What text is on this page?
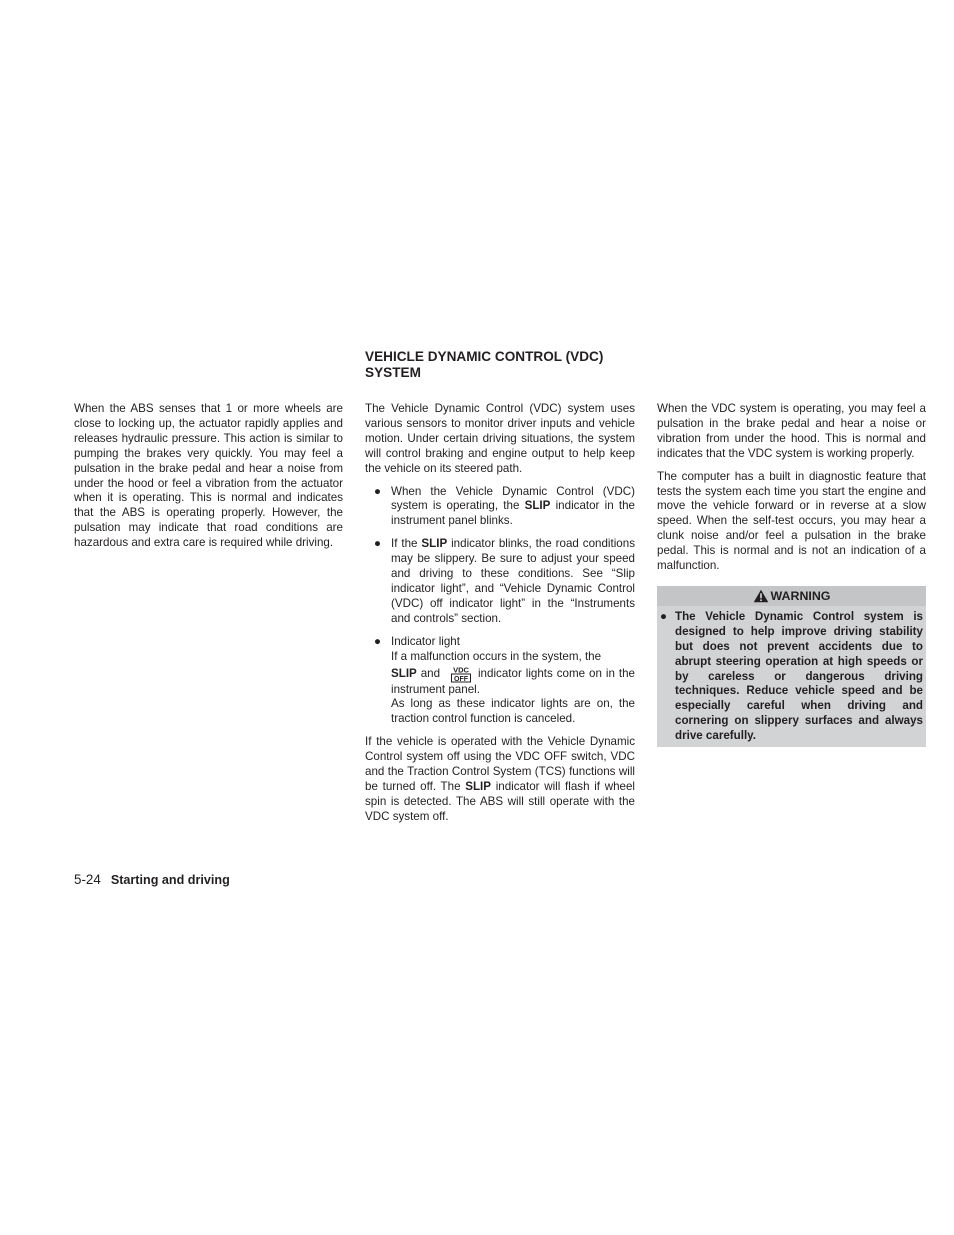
When the ABS senses that 1 or more wheels are close to locking up, the actuator rapidly applies and releases hydraulic pressure. This action is similar to pumping the brakes very quickly. You may feel a pulsation in the brake pedal and hear a noise from under the hood or feel a vibration from the actuator when it is operating. This is normal and indicates that the ABS is operating properly. However, the pulsation may indicate that road conditions are hazardous and extra care is required while driving.

VEHICLE DYNAMIC CONTROL (VDC) SYSTEM

The Vehicle Dynamic Control (VDC) system uses various sensors to monitor driver inputs and vehicle motion. Under certain driving situations, the system will control braking and engine output to help keep the vehicle on its steered path.

● When the Vehicle Dynamic Control (VDC) system is operating, the SLIP indicator in the instrument panel blinks.
● If the SLIP indicator blinks, the road conditions may be slippery. Be sure to adjust your speed and driving to these conditions. See “Slip indicator light”, and “Vehicle Dynamic Control (VDC) off indicator light” in the “Instruments and controls” section.
● Indicator light
If a malfunction occurs in the system, the
SLIP and VDC
OFF indicator lights come on in the instrument panel.
As long as these indicator lights are on, the traction control function is canceled.

If the vehicle is operated with the Vehicle Dynamic Control system off using the VDC OFF switch, VDC and the Traction Control System (TCS) functions will be turned off. The SLIP indicator will flash if wheel spin is detected. The ABS will still operate with the VDC system off.

When the VDC system is operating, you may feel a pulsation in the brake pedal and hear a noise or vibration from under the hood. This is normal and indicates that the VDC system is working properly.

The computer has a built in diagnostic feature that tests the system each time you start the engine and move the vehicle forward or in reverse at a slow speed. When the self-test occurs, you may hear a clunk noise and/or feel a pulsation in the brake pedal. This is normal and is not an indication of a malfunction.

WARNING
● The Vehicle Dynamic Control system is designed to help improve driving stability but does not prevent accidents due to abrupt steering operation at high speeds or by careless or dangerous driving techniques. Reduce vehicle speed and be especially careful when driving and cornering on slippery surfaces and always drive carefully.
5-24 Starting and driving
